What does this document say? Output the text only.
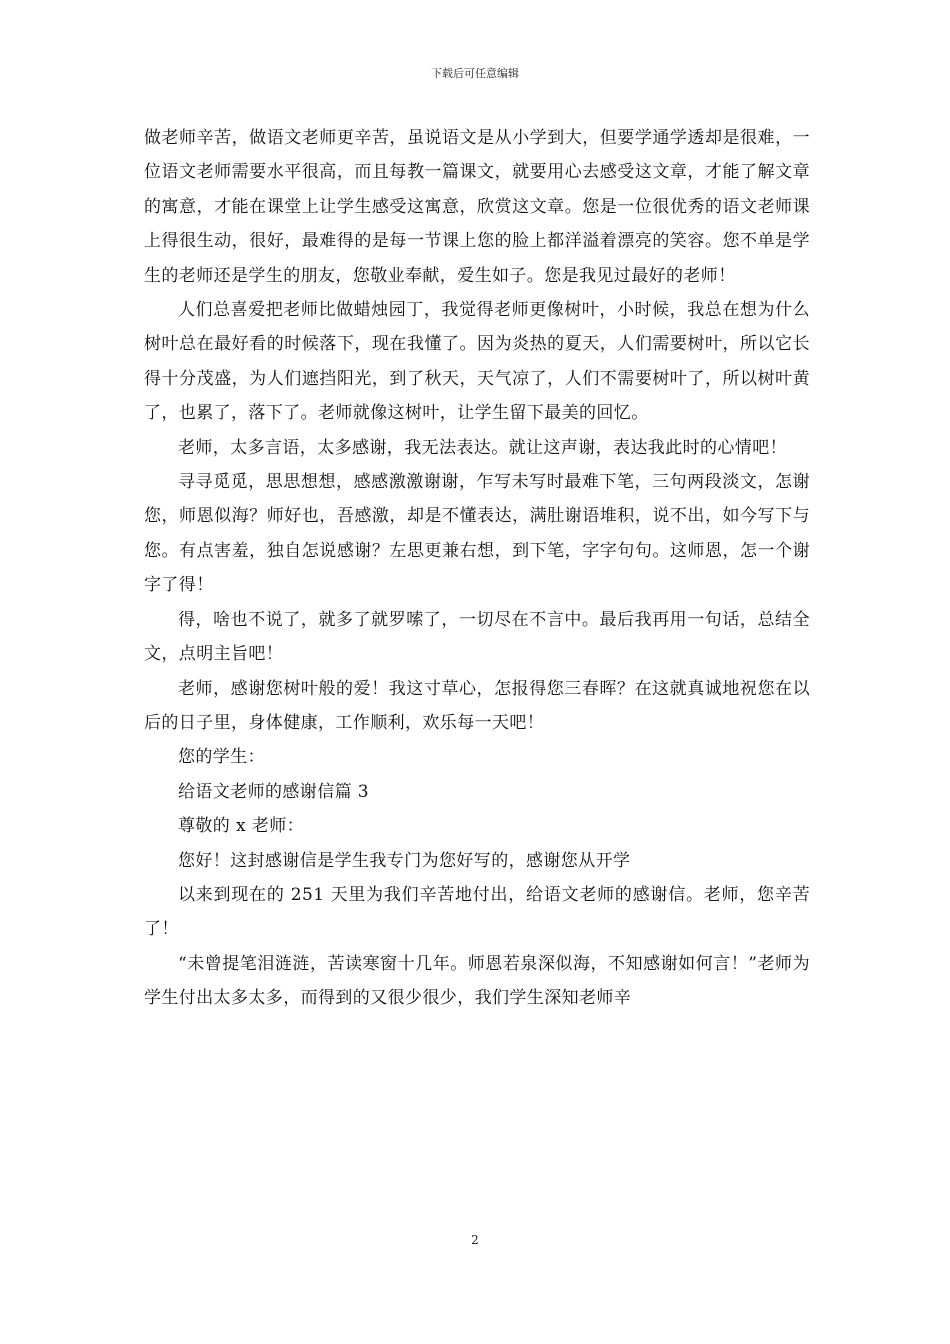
下载后可任意编辑

做老师辛苦，做语文老师更辛苦，虽说语文是从小学到大，但要学通学透却是很难，一位语文老师需要水平很高，而且每教一篇课文，就要用心去感受这文章，才能了解文章的寓意，才能在课堂上让学生感受这寓意，欣赏这文章。您是一位很优秀的语文老师课上得很生动，很好，最难得的是每一节课上您的脸上都洋溢着漂亮的笑容。您不单是学生的老师还是学生的朋友，您敬业奉献，爱生如子。您是我见过最好的老师！

人们总喜爱把老师比做蜡烛园丁，我觉得老师更像树叶，小时候，我总在想为什么树叶总在最好看的时候落下，现在我懂了。因为炎热的夏天，人们需要树叶，所以它长得十分茂盛，为人们遮挡阳光，到了秋天，天气凉了，人们不需要树叶了，所以树叶黄了，也累了，落下了。老师就像这树叶，让学生留下最美的回忆。

老师，太多言语，太多感谢，我无法表达。就让这声谢，表达我此时的心情吧！

寻寻觅觅，思思想想，感感激激谢谢，乍写未写时最难下笔，三句两段淡文，怎谢您，师恩似海？师好也，吾感激，却是不懂表达，满肚谢语堆积，说不出，如今写下与您。有点害羞，独自怎说感谢？左思更兼右想，到下笔，字字句句。这师恩，怎一个谢字了得！

得，啥也不说了，就多了就罗嗦了，一切尽在不言中。最后我再用一句话，总结全文，点明主旨吧！

老师，感谢您树叶般的爱！我这寸草心，怎报得您三春晖？在这就真诚地祝您在以后的日子里，身体健康，工作顺利，欢乐每一天吧！

您的学生：

给语文老师的感谢信篇 3

尊敬的 x 老师：

您好！这封感谢信是学生我专门为您好写的，感谢您从开学

以来到现在的 251 天里为我们辛苦地付出，给语文老师的感谢信。老师，您辛苦了！

“未曾提笔泪涟涟，苦读寒窗十几年。师恩若泉深似海，不知感谢如何言！”老师为学生付出太多太多，而得到的又很少很少，我们学生深知老师辛

2
